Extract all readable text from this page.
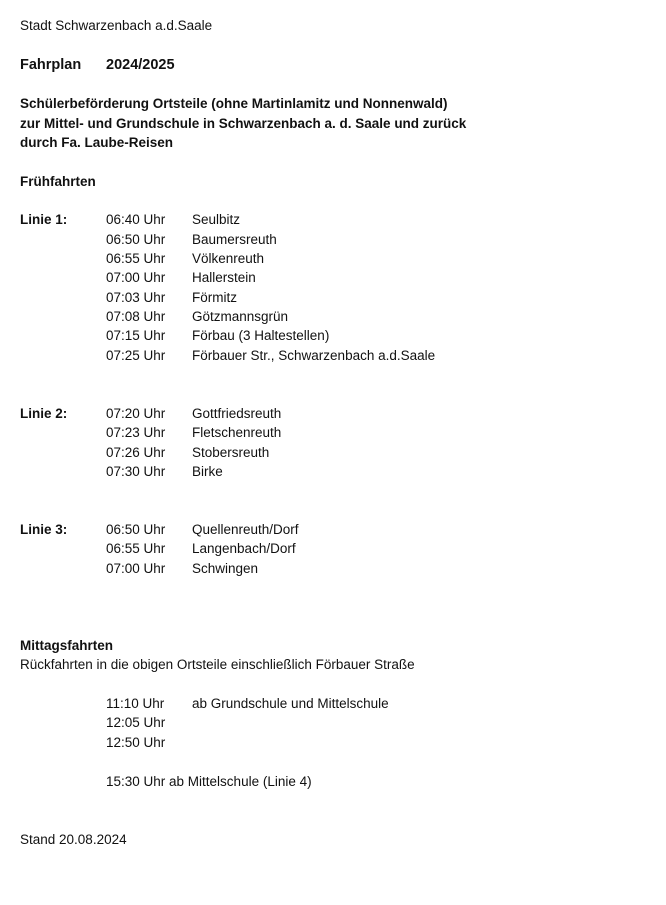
Stadt Schwarzenbach a.d.Saale
Fahrplan 2024/2025
Schülerbeförderung Ortsteile (ohne Martinlamitz und Nonnenwald)
zur Mittel- und Grundschule in Schwarzenbach a. d. Saale und zurück
durch Fa. Laube-Reisen
Frühfahrten
Linie 1:	06:40 Uhr Seulbitz
06:50 Uhr Baumersreuth
06:55 Uhr Völkenreuth
07:00 Uhr Hallerstein
07:03 Uhr Förmitz
07:08 Uhr Götzmannsgrün
07:15 Uhr Förbau (3 Haltestellen)
07:25 Uhr Förbauer Str., Schwarzenbach a.d.Saale
Linie 2:	07:20 Uhr Gottfriedsreuth
07:23 Uhr Fletschenreuth
07:26 Uhr Stobersreuth
07:30 Uhr Birke
Linie 3:	06:50 Uhr Quellenreuth/Dorf
06:55 Uhr Langenbach/Dorf
07:00 Uhr Schwingen
Mittagsfahrten
Rückfahrten in die obigen Ortsteile einschließlich Förbauer Straße
11:10 Uhr ab Grundschule und Mittelschule
12:05 Uhr
12:50 Uhr
15:30 Uhr ab Mittelschule (Linie 4)
Stand 20.08.2024
